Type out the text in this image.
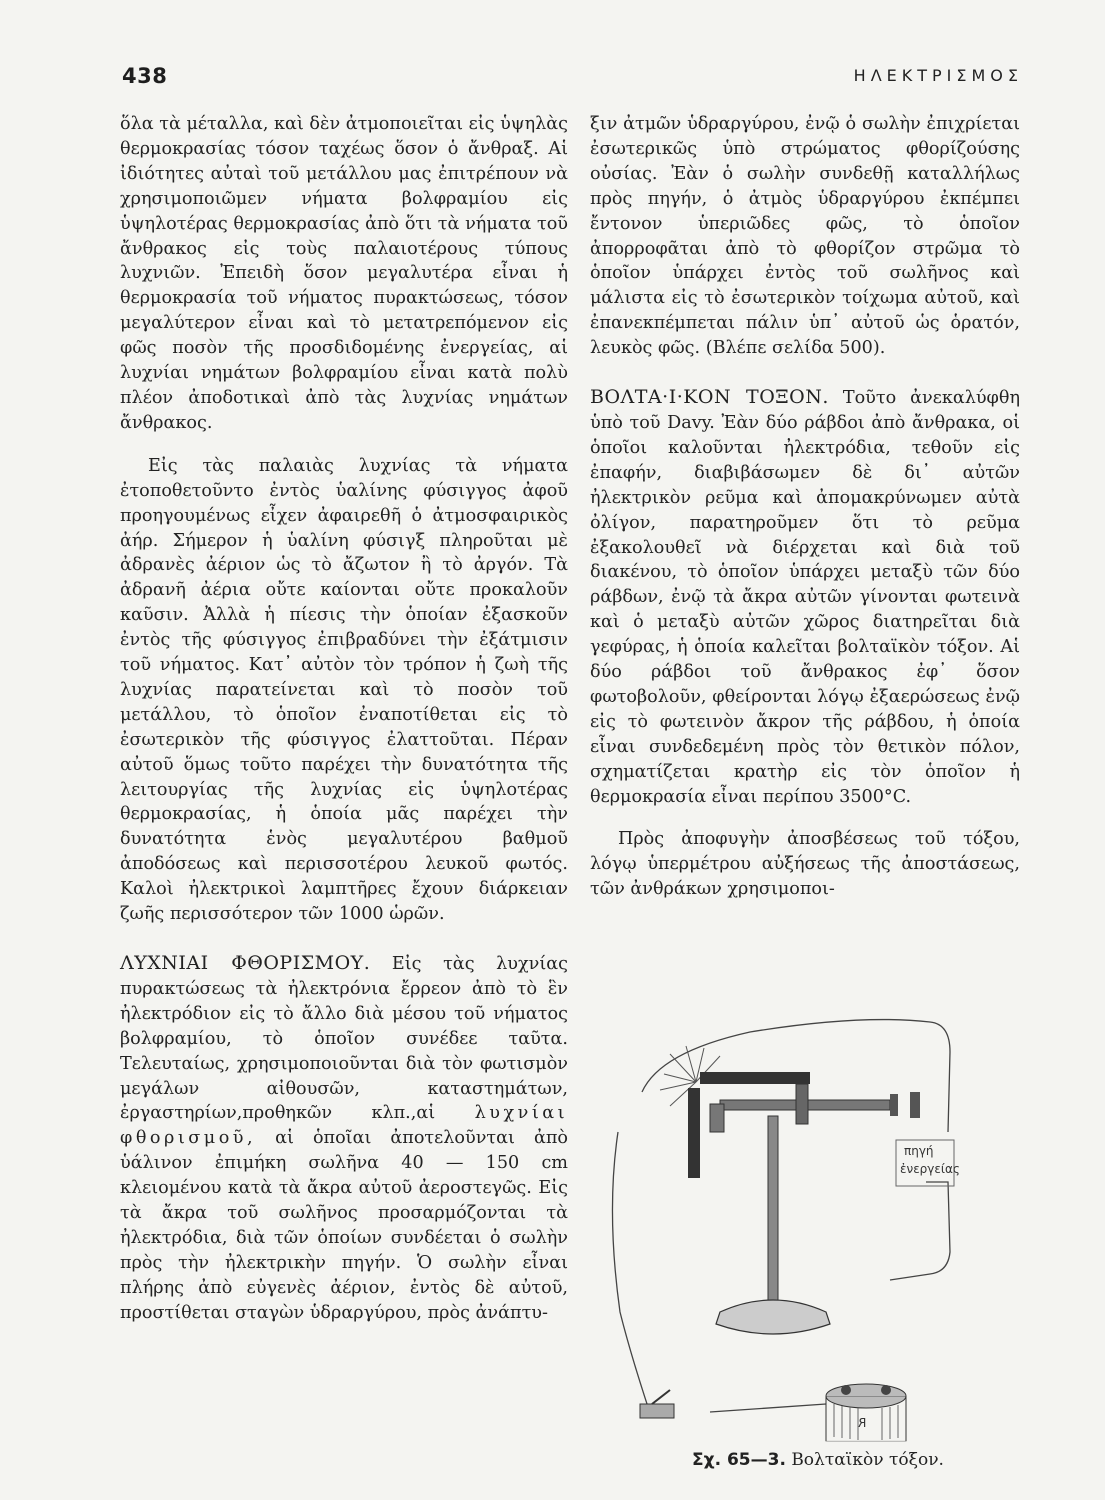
438	ΗΛΕΚΤΡΙΣΜΟΣ

ὅλα τὰ μέταλλα, καὶ δὲν ἀτμοποιεῖται εἰς ὑψηλὰς θερμοκρασίας τόσον ταχέως ὅσον ὁ ἄνθραξ. Αἱ ἰδιότητες αὐταὶ τοῦ μετάλλου μας ἐπιτρέπουν νὰ χρησιμοποιῶμεν νήματα βολφραμίου εἰς ὑψηλοτέρας θερμοκρασίας ἀπὸ ὅτι τὰ νήματα τοῦ ἄνθρακος εἰς τοὺς παλαιοτέρους τύπους λυχνιῶν. Ἐπειδὴ ὅσον μεγαλυτέρα εἶναι ἡ θερμοκρασία τοῦ νήματος πυρακτώσεως, τόσον μεγαλύτερον εἶναι καὶ τὸ μετατρεπόμενον εἰς φῶς ποσὸν τῆς προσδιδομένης ἐνεργείας, αἱ λυχνίαι νημάτων βολφραμίου εἶναι κατὰ πολὺ πλέον ἀποδοτικαὶ ἀπὸ τὰς λυχνίας νημάτων ἄνθρακος.

Εἰς τὰς παλαιὰς λυχνίας τὰ νήματα ἐτοποθετοῦντο ἐντὸς ὑαλίνης φύσιγγος ἀφοῦ προηγουμένως εἶχεν ἀφαιρεθῆ ὁ ἀτμοσφαιρικὸς ἀήρ. Σήμερον ἡ ὑαλίνη φύσιγξ πληροῦται μὲ ἀδρανὲς ἀέριον ὡς τὸ ἄζωτον ἢ τὸ ἀργόν. Τὰ ἀδρανῆ ἀέρια οὔτε καίονται οὔτε προκαλοῦν καῦσιν. Ἀλλὰ ἡ πίεσις τὴν ὁποίαν ἐξασκοῦν ἐντὸς τῆς φύσιγγος ἐπιβραδύνει τὴν ἐξάτμισιν τοῦ νήματος. Κατ᾽ αὐτὸν τὸν τρόπον ἡ ζωὴ τῆς λυχνίας παρατείνεται καὶ τὸ ποσὸν τοῦ μετάλλου, τὸ ὁποῖον ἐναποτίθεται εἰς τὸ ἐσωτερικὸν τῆς φύσιγγος ἐλαττοῦται. Πέραν αὐτοῦ ὅμως τοῦτο παρέχει τὴν δυνατότητα τῆς λειτουργίας τῆς λυχνίας εἰς ὑψηλοτέρας θερμοκρασίας, ἡ ὁποία μᾶς παρέχει τὴν δυνατότητα ἑνὸς μεγαλυτέρου βαθμοῦ ἀποδόσεως καὶ περισσοτέρου λευκοῦ φωτός. Καλοὶ ἠλεκτρικοὶ λαμπτῆρες ἔχουν διάρκειαν ζωῆς περισσότερον τῶν 1000 ὡρῶν.

ΛΥΧΝΙΑΙ ΦΘΟΡΙΣΜΟΥ. Εἰς τὰς λυχνίας πυρακτώσεως τὰ ἠλεκτρόνια ἔρρεον ἀπὸ τὸ ἓν ἠλεκτρόδιον εἰς τὸ ἄλλο διὰ μέσου τοῦ νήματος βολφραμίου, τὸ ὁποῖον συνέδεε ταῦτα. Τελευταίως, χρησιμοποιοῦνται διὰ τὸν φωτισμὸν μεγάλων αἰθουσῶν, καταστημάτων, ἐργαστηρίων,προθηκῶν κλπ.,αἱ λυχνίαι φθορισμοῦ, αἱ ὁποῖαι ἀποτελοῦνται ἀπὸ ὑάλινον ἐπιμήκη σωλῆνα 40 — 150 cm κλειομένου κατὰ τὰ ἄκρα αὐτοῦ ἀεροστεγῶς. Εἰς τὰ ἄκρα τοῦ σωλῆνος προσαρμόζονται τὰ ἠλεκτρόδια, διὰ τῶν ὁποίων συνδέεται ὁ σωλὴν πρὸς τὴν ἠλεκτρικὴν πηγήν. Ὁ σωλὴν εἶναι πλήρης ἀπὸ εὐγενὲς ἀέριον, ἐντὸς δὲ αὐτοῦ, προστίθεται σταγὼν ὑδραργύρου, πρὸς ἀνάπτυ-

ξιν ἀτμῶν ὑδραργύρου, ἐνῷ ὁ σωλὴν ἐπιχρίεται ἐσωτερικῶς ὑπὸ στρώματος φθορίζούσης οὐσίας. Ἐὰν ὁ σωλὴν συνδεθῇ καταλλήλως πρὸς πηγήν, ὁ ἀτμὸς ὑδραργύρου ἐκπέμπει ἔντονον ὑπεριῶδες φῶς, τὸ ὁποῖον ἀπορροφᾶται ἀπὸ τὸ φθορίζον στρῶμα τὸ ὁποῖον ὑπάρχει ἐντὸς τοῦ σωλῆνος καὶ μάλιστα εἰς τὸ ἐσωτερικὸν τοίχωμα αὐτοῦ, καὶ ἐπανεκπέμπεται πάλιν ὑπ᾽ αὐτοῦ ὡς ὁρατόν, λευκὸς φῶς. (Βλέπε σελίδα 500).

ΒΟΛΤΑ·Ι·ΚΟΝ ΤΟΞΟΝ. Τοῦτο ἀνεκαλύφθη ὑπὸ τοῦ Davy. Ἐὰν δύο ράβδοι ἀπὸ ἄνθρακα, οἱ ὁποῖοι καλοῦνται ἠλεκτρόδια, τεθοῦν εἰς ἐπαφήν, διαβιβάσωμεν δὲ δι᾽ αὐτῶν ἠλεκτρικὸν ρεῦμα καὶ ἀπομακρύνωμεν αὐτὰ ὀλίγον, παρατηροῦμεν ὅτι τὸ ρεῦμα ἐξακολουθεῖ νὰ διέρχεται καὶ διὰ τοῦ διακένου, τὸ ὁποῖον ὑπάρχει μεταξὺ τῶν δύο ράβδων, ἐνῷ τὰ ἄκρα αὐτῶν γίνονται φωτεινὰ καὶ ὁ μεταξὺ αὐτῶν χῶρος διατηρεῖται διὰ γεφύρας, ἡ ὁποία καλεῖται βολταϊκὸν τόξον. Αἱ δύο ράβδοι τοῦ ἄνθρακος ἐφ᾽ ὅσον φωτοβολοῦν, φθείρονται λόγῳ ἐξαερώσεως ἐνῷ εἰς τὸ φωτεινὸν ἄκρον τῆς ράβδου, ἡ ὁποία εἶναι συνδεδεμένη πρὸς τὸν θετικὸν πόλον, σχηματίζεται κρατὴρ εἰς τὸν ὁποῖον ἡ θερμοκρασία εἶναι περίπου 3500°C.

Πρὸς ἀποφυγὴν ἀποσβέσεως τοῦ τόξου, λόγῳ ὑπερμέτρου αὐξήσεως τῆς ἀποστάσεως, τῶν ἀνθράκων χρησιμοποι-

πηγή
ἐνεργείας
R
Σχ. 65—3. Βολταϊκὸν τόξον.
